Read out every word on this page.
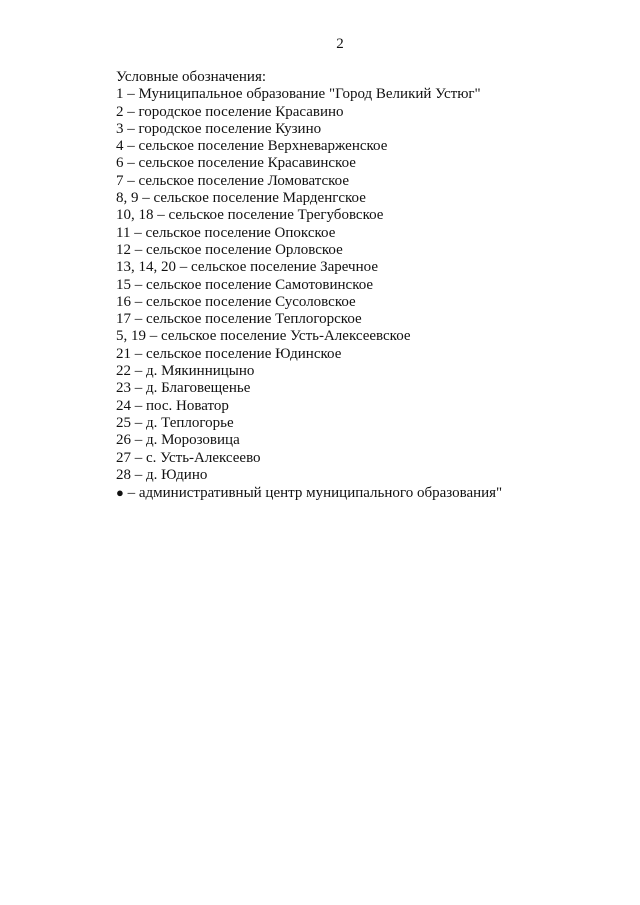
2

Условные обозначения:

1 – Муниципальное образование "Город Великий Устюг"
2 – городское поселение Красавино
3 – городское поселение Кузино
4 – сельское поселение Верхневарженское
6 – сельское поселение Красавинское
7 – сельское поселение Ломоватское
8, 9 – сельское поселение Марденгское
10, 18 – сельское поселение Трегубовское
11 – сельское поселение Опокское
12 – сельское поселение Орловское
13, 14, 20 – сельское поселение Заречное
15 – сельское поселение Самотовинское
16 – сельское поселение Сусоловское
17 – сельское поселение Теплогорское
5, 19 – сельское поселение Усть-Алексеевское
21 – сельское поселение Юдинское
22 – д. Мякинницыно
23 – д. Благовещенье
24 – пос. Новатор
25 – д. Теплогорье
26 – д. Морозовица
27 – с. Усть-Алексеево
28 – д. Юдино
● – административный центр муниципального образования"
